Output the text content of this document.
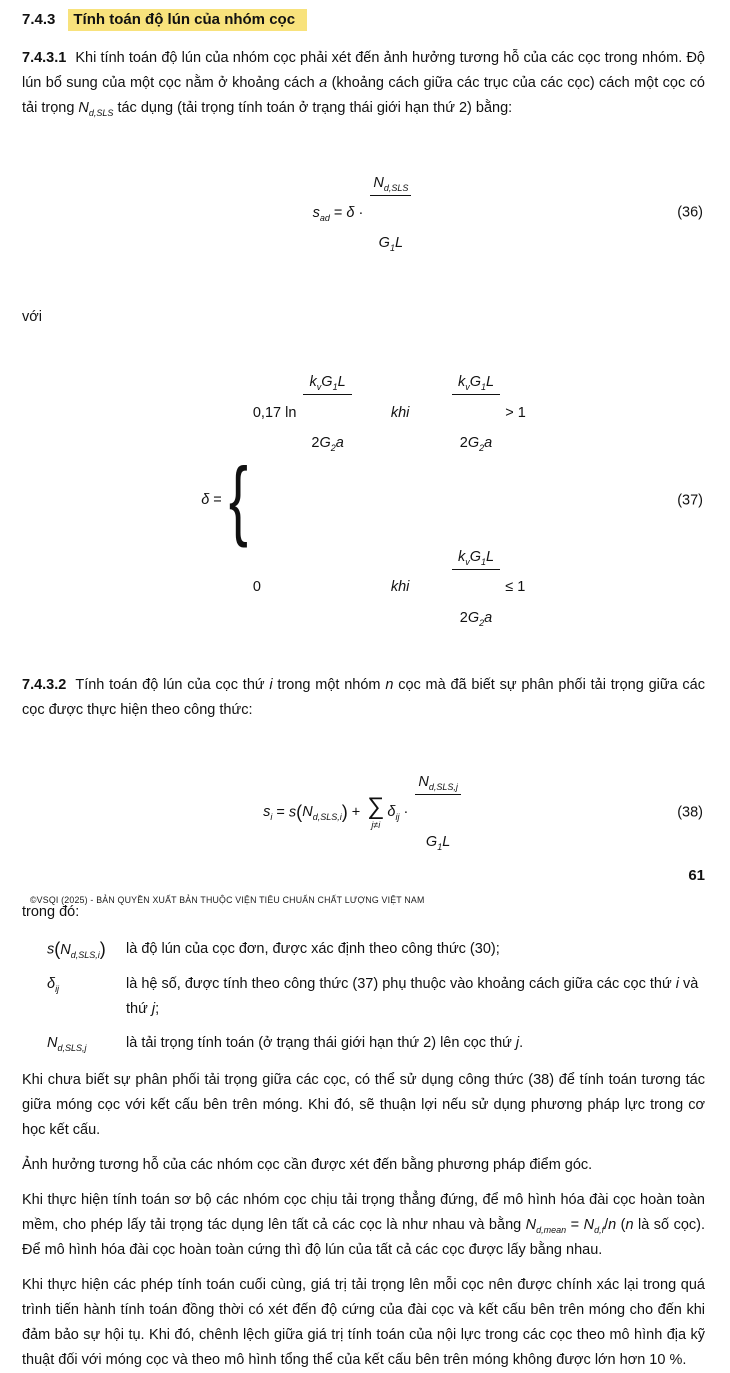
7.4.3 Tính toán độ lún của nhóm cọc

7.4.3.1 Khi tính toán độ lún của nhóm cọc phải xét đến ảnh hưởng tương hỗ của các cọc trong nhóm. Độ lún bổ sung của một cọc nằm ở khoảng cách a (khoảng cách giữa các trục của các cọc) cách một cọc có tải trọng $N_{d,SLS}$ tác dụng (tải trọng tính toán ở trạng thái giới hạn thứ 2) bằng:

$s_{ad} = \delta$ ·

$\frac{N_{d,SLS}}{G_1L}$

	(36)

với

δ = {
0,17 ln

$\frac{k_vG_1L}{2G_2a}$

	khi

	$\frac{k_vG_1L}{2G_2a}$

> 1
0	khi

	$\frac{k_vG_1L}{2G_2a}$

≤ 1
(37)

7.4.3.2 Tính toán độ lún của cọc thứ i trong một nhóm n cọc mà đã biết sự phân phối tải trọng giữa các cọc được thực hiện theo công thức:

$s_i = s(N_{d,SLS,i})$ + ∑
j≠i
$\delta_{ij}$ ·

$\frac{N_{d,SLS,j}}{G_1L}$

	(38)

trong đó:

$s(N_{d,SLS,i})$	là độ lún của cọc đơn, được xác định theo công thức (30);
$\delta_{ij}$	là hệ số, được tính theo công thức (37) phụ thuộc vào khoảng cách giữa các cọc thứ i và thứ j;
$N_{d,SLS,j}$	là tải trọng tính toán (ở trạng thái giới hạn thứ 2) lên cọc thứ j.

Khi chưa biết sự phân phối tải trọng giữa các cọc, có thể sử dụng công thức (38) để tính toán tương tác giữa móng cọc với kết cấu bên trên móng. Khi đó, sẽ thuận lợi nếu sử dụng phương pháp lực trong cơ học kết cấu.

Ảnh hưởng tương hỗ của các nhóm cọc cần được xét đến bằng phương pháp điểm góc.

Khi thực hiện tính toán sơ bộ các nhóm cọc chịu tải trọng thẳng đứng, để mô hình hóa đài cọc hoàn toàn mềm, cho phép lấy tải trọng tác dụng lên tất cả các cọc là như nhau và bằng $N_{d,mean} = N_{d,f}/n$ (n là số cọc). Để mô hình hóa đài cọc hoàn toàn cứng thì độ lún của tất cả các cọc được lấy bằng nhau.

Khi thực hiện các phép tính toán cuối cùng, giá trị tải trọng lên mỗi cọc nên được chính xác lại trong quá trình tiến hành tính toán đồng thời có xét đến độ cứng của đài cọc và kết cấu bên trên móng cho đến khi đảm bảo sự hội tụ. Khi đó, chênh lệch giữa giá trị tính toán của nội lực trong các cọc theo mô hình địa kỹ thuật đối với móng cọc và theo mô hình tổng thể của kết cấu bên trên móng không được lớn hơn 10 %.

61
©VSQI (2025) - BẢN QUYỀN XUẤT BẢN THUỘC VIỆN TIÊU CHUẨN CHẤT LƯỢNG VIỆT NAM
